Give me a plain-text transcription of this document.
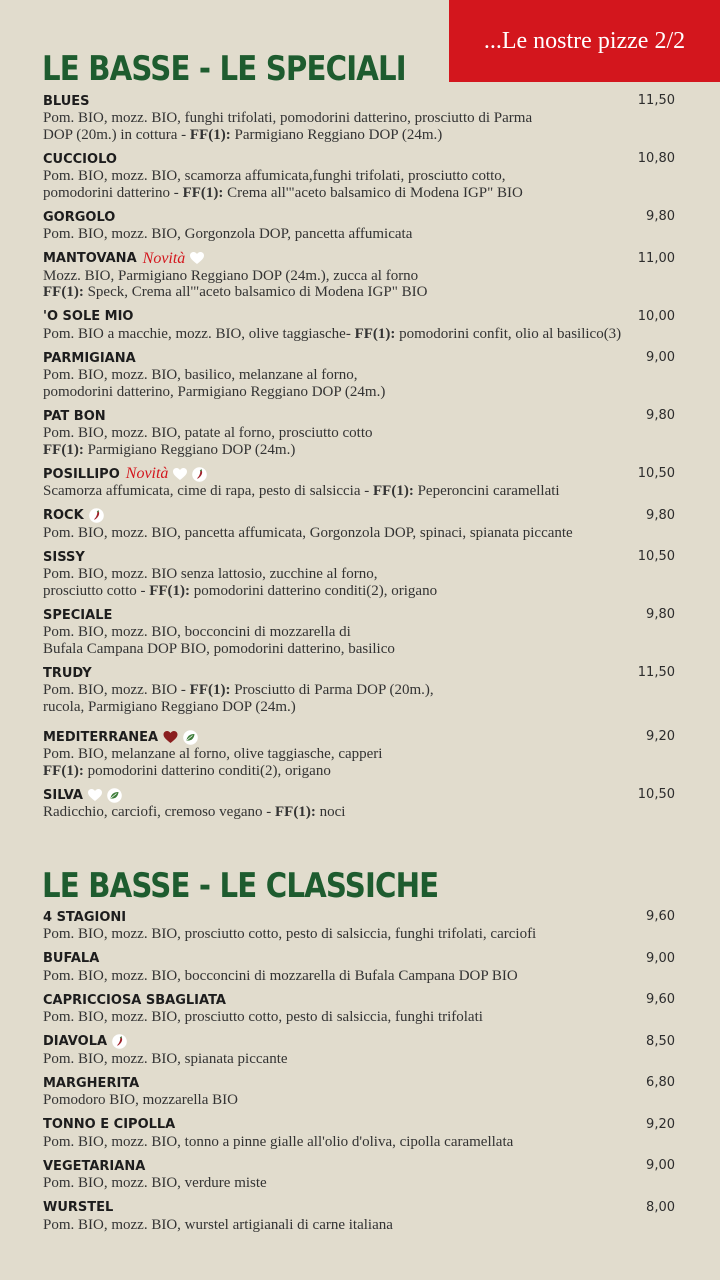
...Le nostre pizze 2/2
LE BASSE - LE SPECIALI
BLUES	11,50
Pom. BIO, mozz. BIO, funghi trifolati, pomodorini datterino, prosciutto di Parma
DOP (20m.) in cottura - FF(1): Parmigiano Reggiano DOP (24m.)
CUCCIOLO	10,80
Pom. BIO, mozz. BIO, scamorza affumicata,funghi trifolati, prosciutto cotto,
pomodorini datterino - FF(1): Crema all'"aceto balsamico di Modena IGP" BIO
GORGOLO	9,80
Pom. BIO, mozz. BIO, Gorgonzola DOP, pancetta affumicata
MANTOVANA Novità	11,00
Mozz. BIO, Parmigiano Reggiano DOP (24m.), zucca al forno
FF(1): Speck, Crema all'"aceto balsamico di Modena IGP" BIO
'O SOLE MIO	10,00
Pom. BIO a macchie, mozz. BIO, olive taggiasche- FF(1): pomodorini confit, olio al basilico(3)
PARMIGIANA	9,00
Pom. BIO, mozz. BIO, basilico, melanzane al forno,
pomodorini datterino, Parmigiano Reggiano DOP (24m.)
PAT BON	9,80
Pom. BIO, mozz. BIO, patate al forno, prosciutto cotto
FF(1): Parmigiano Reggiano DOP (24m.)
POSILLIPO Novità	10,50
Scamorza affumicata, cime di rapa, pesto di salsiccia - FF(1): Peperoncini caramellati
ROCK	9,80
Pom. BIO, mozz. BIO, pancetta affumicata, Gorgonzola DOP, spinaci, spianata piccante
SISSY	10,50
Pom. BIO, mozz. BIO senza lattosio, zucchine al forno,
prosciutto cotto - FF(1): pomodorini datterino conditi(2), origano
SPECIALE	9,80
Pom. BIO, mozz. BIO, bocconcini di mozzarella di
Bufala Campana DOP BIO, pomodorini datterino, basilico
TRUDY	11,50
Pom. BIO, mozz. BIO - FF(1): Prosciutto di Parma DOP (20m.),
rucola, Parmigiano Reggiano DOP (24m.)
MEDITERRANEA	9,20
Pom. BIO, melanzane al forno, olive taggiasche, capperi
FF(1): pomodorini datterino conditi(2), origano
SILVA	10,50
Radicchio, carciofi, cremoso vegano - FF(1): noci
LE BASSE - LE CLASSICHE
4 STAGIONI	9,60
Pom. BIO, mozz. BIO, prosciutto cotto, pesto di salsiccia, funghi trifolati, carciofi
BUFALA	9,00
Pom. BIO, mozz. BIO, bocconcini di mozzarella di Bufala Campana DOP BIO
CAPRICCIOSA SBAGLIATA	9,60
Pom. BIO, mozz. BIO, prosciutto cotto, pesto di salsiccia, funghi trifolati
DIAVOLA	8,50
Pom. BIO, mozz. BIO, spianata piccante
MARGHERITA	6,80
Pomodoro BIO, mozzarella BIO
TONNO E CIPOLLA	9,20
Pom. BIO, mozz. BIO, tonno a pinne gialle all'olio d'oliva, cipolla caramellata
VEGETARIANA	9,00
Pom. BIO, mozz. BIO, verdure miste
WURSTEL	8,00
Pom. BIO, mozz. BIO, wurstel artigianali di carne italiana
